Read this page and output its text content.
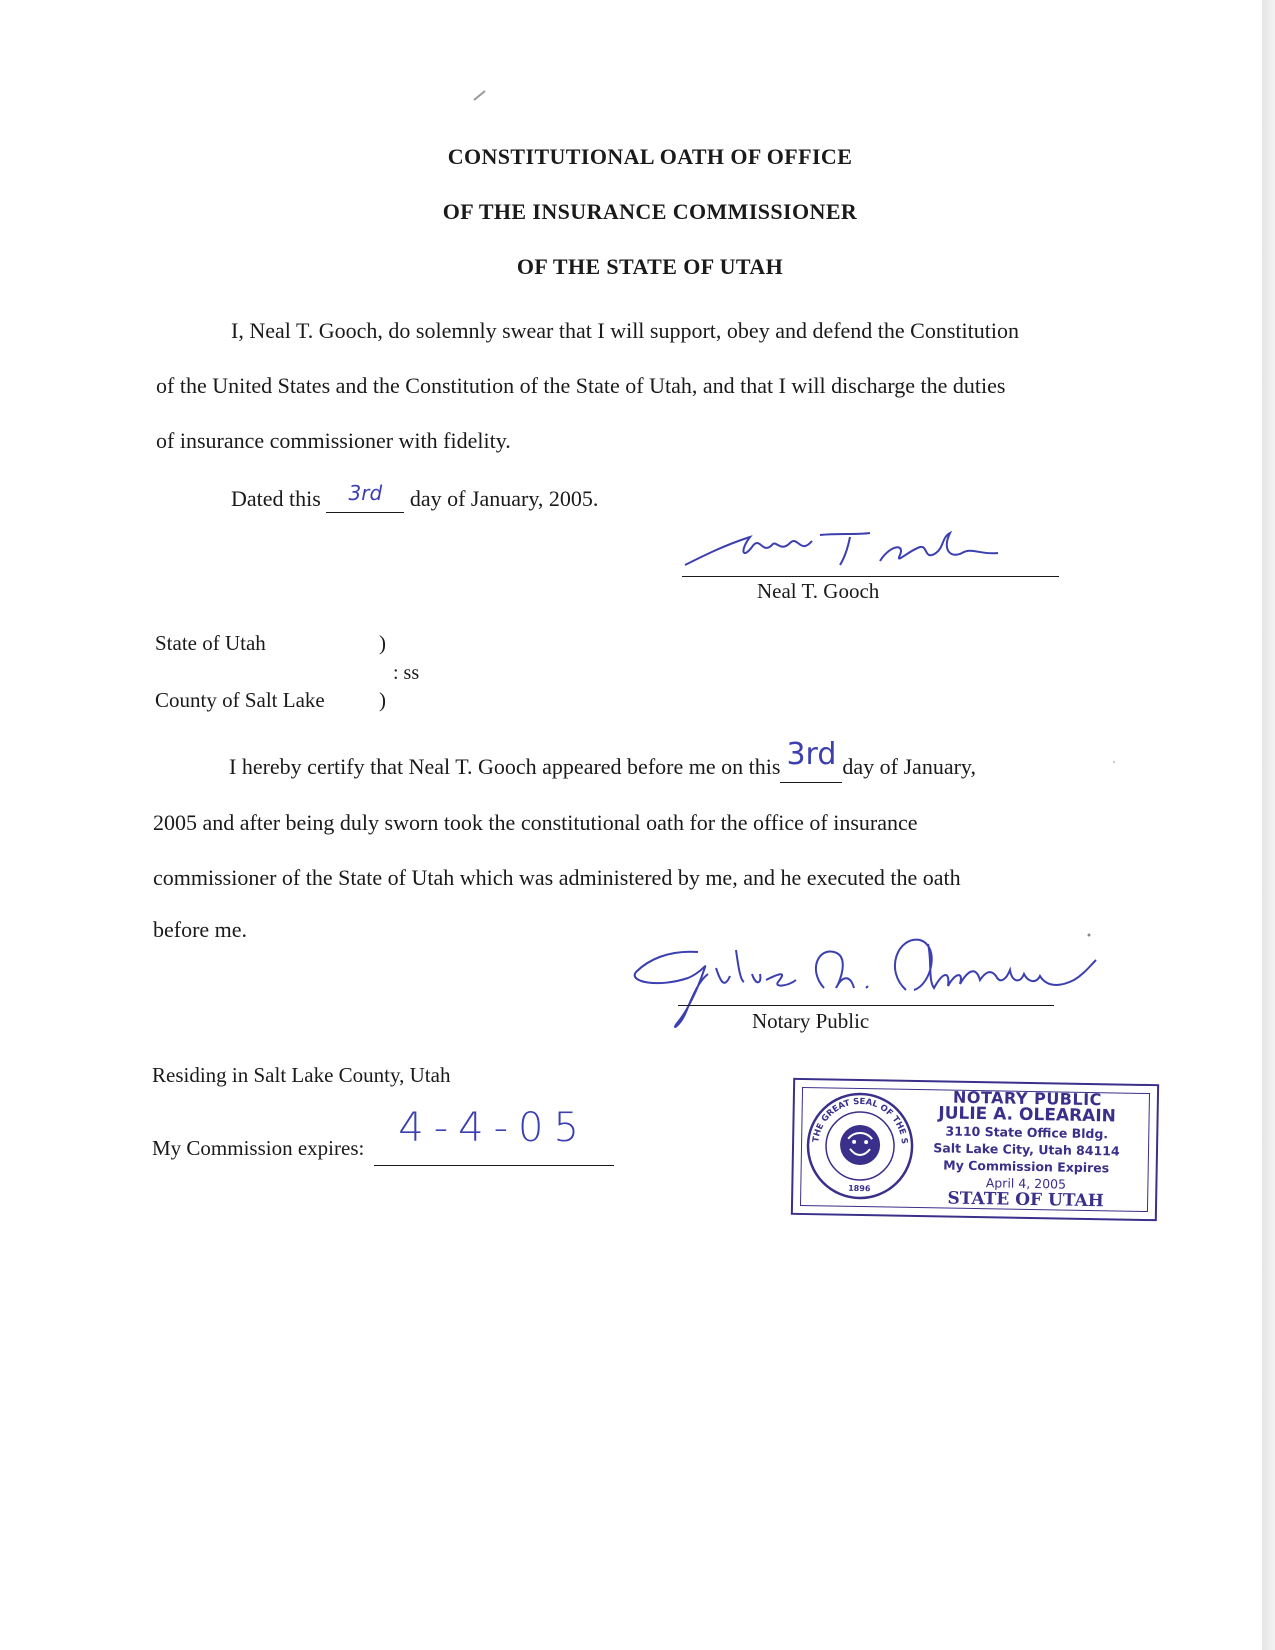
CONSTITUTIONAL OATH OF OFFICE
OF THE INSURANCE COMMISSIONER
OF THE STATE OF UTAH
I, Neal T. Gooch, do solemnly swear that I will support, obey and defend the Constitution
of the United States and the Constitution of the State of Utah, and that I will discharge the duties
of insurance commissioner with fidelity.
Dated this 3rd day of January, 2005.
Neal T. Gooch
State of Utah	)
: ss
County of Salt Lake	)
I hereby certify that Neal T. Gooch appeared before me on this 3rd day of January,
2005 and after being duly sworn took the constitutional oath for the office of insurance
commissioner of the State of Utah which was administered by me, and he executed the oath
before me.
Notary Public
Residing in Salt Lake County, Utah
My Commission expires: 4-4-05	THE GREAT SEAL OF THE STATE OF UTAH
1896
NOTARY PUBLIC
JULIE A. OLEARAIN
3110 State Office Bldg.
Salt Lake City, Utah 84114
My Commission Expires
April 4, 2005
STATE OF UTAH
